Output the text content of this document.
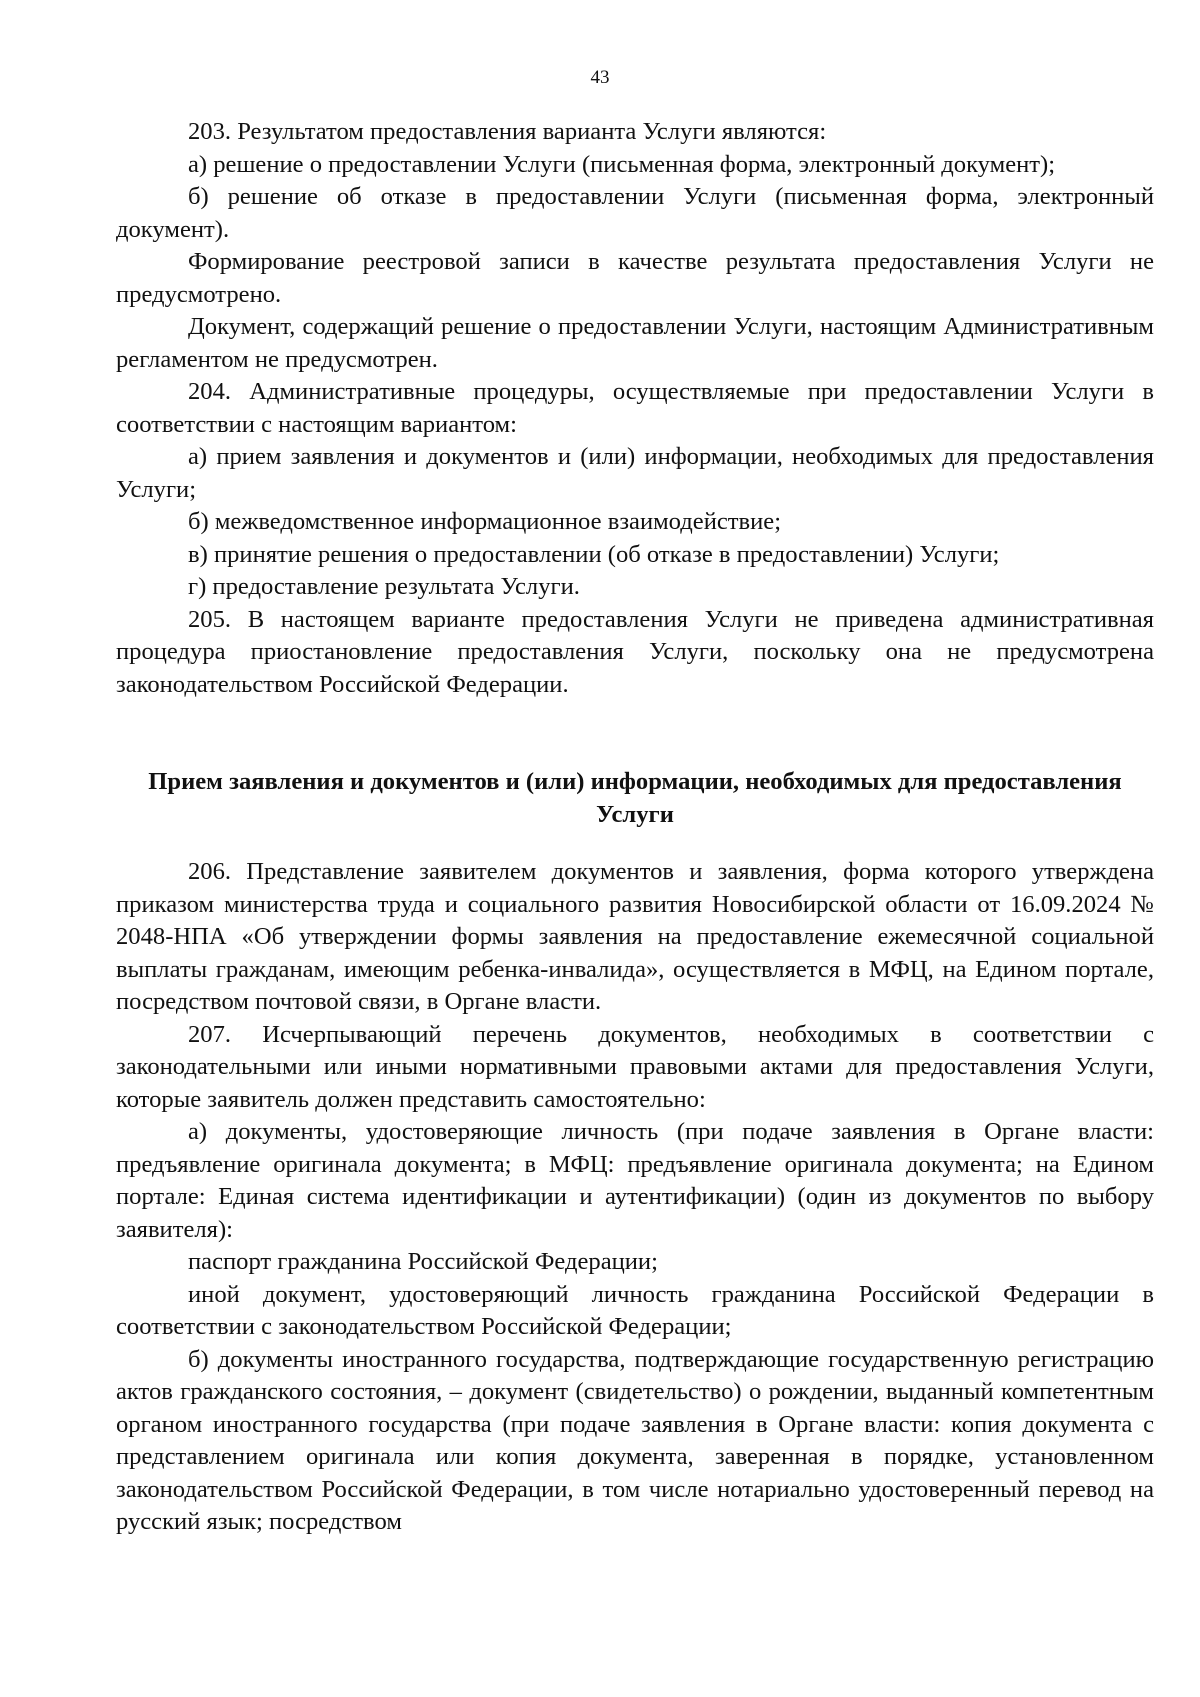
43

203. Результатом предоставления варианта Услуги являются:

а) решение о предоставлении Услуги (письменная форма, электронный документ);

б) решение об отказе в предоставлении Услуги (письменная форма, электронный документ).

Формирование реестровой записи в качестве результата предоставления Услуги не предусмотрено.

Документ, содержащий решение о предоставлении Услуги, настоящим Административным регламентом не предусмотрен.

204. Административные процедуры, осуществляемые при предоставлении Услуги в соответствии с настоящим вариантом:

а) прием заявления и документов и (или) информации, необходимых для предоставления Услуги;

б) межведомственное информационное взаимодействие;

в) принятие решения о предоставлении (об отказе в предоставлении) Услуги;

г) предоставление результата Услуги.

205. В настоящем варианте предоставления Услуги не приведена административная процедура приостановление предоставления Услуги, поскольку она не предусмотрена законодательством Российской Федерации.

Прием заявления и документов и (или) информации, необходимых для предоставления Услуги

206. Представление заявителем документов и заявления, форма которого утверждена приказом министерства труда и социального развития Новосибирской области от 16.09.2024 № 2048-НПА «Об утверждении формы заявления на предоставление ежемесячной социальной выплаты гражданам, имеющим ребенка-инвалида», осуществляется в МФЦ, на Едином портале, посредством почтовой связи, в Органе власти.

207. Исчерпывающий перечень документов, необходимых в соответствии с законодательными или иными нормативными правовыми актами для предоставления Услуги, которые заявитель должен представить самостоятельно:

а) документы, удостоверяющие личность (при подаче заявления в Органе власти: предъявление оригинала документа; в МФЦ: предъявление оригинала документа; на Едином портале: Единая система идентификации и аутентификации) (один из документов по выбору заявителя):

паспорт гражданина Российской Федерации;

иной документ, удостоверяющий личность гражданина Российской Федерации в соответствии с законодательством Российской Федерации;

б) документы иностранного государства, подтверждающие государственную регистрацию актов гражданского состояния, – документ (свидетельство) о рождении, выданный компетентным органом иностранного государства (при подаче заявления в Органе власти: копия документа с представлением оригинала или копия документа, заверенная в порядке, установленном законодательством Российской Федерации, в том числе нотариально удостоверенный перевод на русский язык; посредством
